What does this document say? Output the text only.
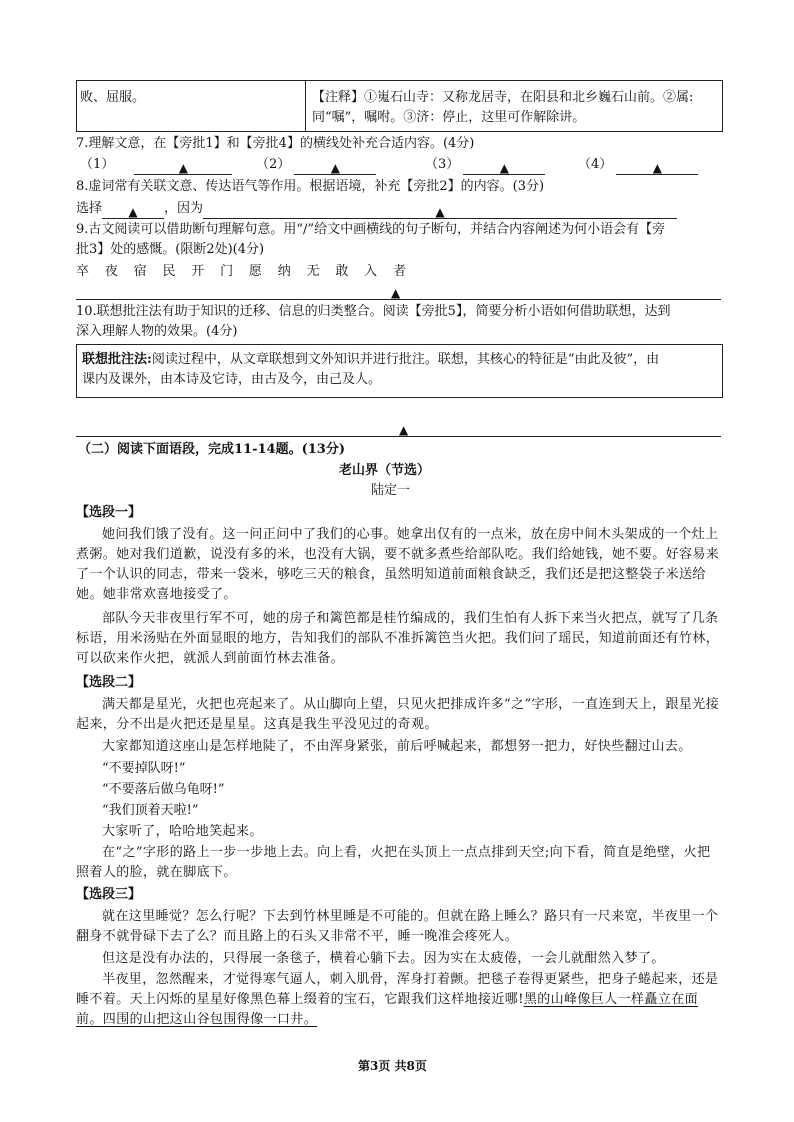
败、屈服。	【注释】①嵬石山寺：又称龙居寺，在阳县和北乡巍石山前。②属:
同“嘱”，嘱咐。③济：停止，这里可作解除讲。
7.理解文意，在【旁批1】和【旁批4】的横线处补充合适内容。(4分)
（1）	▲	（2）	▲	（3）	▲	（4）	▲
8.虚词常有关联文意、传达语气等作用。根据语境，补充【旁批2】的内容。(3分)
选择 ▲ ，因为	▲
9.古文阅读可以借助断句理解句意。用“/”给文中画横线的句子断句，并结合内容阐述为何小语会有【旁
批3】处的感慨。(限断2处)(4分)
卒 夜 宿 民 开 门 愿 纳 无 敢 入 者
▲
10.联想批注法有助于知识的迁移、信息的归类整合。阅读【旁批5】，简要分析小语如何借助联想，达到
深入理解人物的效果。(4分)
联想批注法:阅读过程中，从文章联想到文外知识并进行批注。联想，其核心的特征是“由此及彼”，由
课内及课外，由本诗及它诗，由古及今，由己及人。
▲
（二）阅读下面语段，完成11-14题。(13分)
老山界（节选）
陆定一
【选段一】
她问我们饿了没有。这一问正问中了我们的心事。她拿出仅有的一点米，放在房中间木头架成的一个灶上煮粥。她对我们道歉，说没有多的米，也没有大锅，要不就多煮些给部队吃。我们给她钱，她不要。好容易来了一个认识的同志，带来一袋米，够吃三天的粮食，虽然明知道前面粮食缺乏，我们还是把这整袋子米送给她。她非常欢喜地接受了。
部队今天非夜里行军不可，她的房子和篱笆都是桂竹编成的，我们生怕有人拆下来当火把点，就写了几条标语，用米汤贴在外面显眼的地方，告知我们的部队不准拆篱笆当火把。我们问了瑶民，知道前面还有竹林，可以砍来作火把，就派人到前面竹林去准备。
【选段二】
满天都是星光，火把也亮起来了。从山脚向上望，只见火把排成许多“之”字形，一直连到天上，跟星光接起来，分不出是火把还是星星。这真是我生平没见过的奇观。
大家都知道这座山是怎样地陡了，不由浑身紧张，前后呼喊起来，都想努一把力，好快些翻过山去。
“不要掉队呀!”
“不要落后做乌龟呀!”
“我们顶着天啦!”
大家听了，哈哈地笑起来。
在“之”字形的路上一步一步地上去。向上看，火把在头顶上一点点排到天空;向下看，简直是绝壁，火把照着人的脸，就在脚底下。
【选段三】
就在这里睡觉？怎么行呢？下去到竹林里睡是不可能的。但就在路上睡么？路只有一尺来宽，半夜里一个翻身不就骨碌下去了么？而且路上的石头又非常不平，睡一晚准会疼死人。
但这是没有办法的，只得展一条毯子，横着心躺下去。因为实在太疲倦，一会儿就酣然入梦了。
半夜里，忽然醒来，才觉得寒气逼人，刺入肌骨，浑身打着颤。把毯子卷得更紧些，把身子蜷起来，还是睡不着。天上闪烁的星星好像黑色幕上缀着的宝石，它跟我们这样地接近哪!黑的山峰像巨人一样矗立在面前。四围的山把这山谷包围得像一口井。
第3页 共8页
